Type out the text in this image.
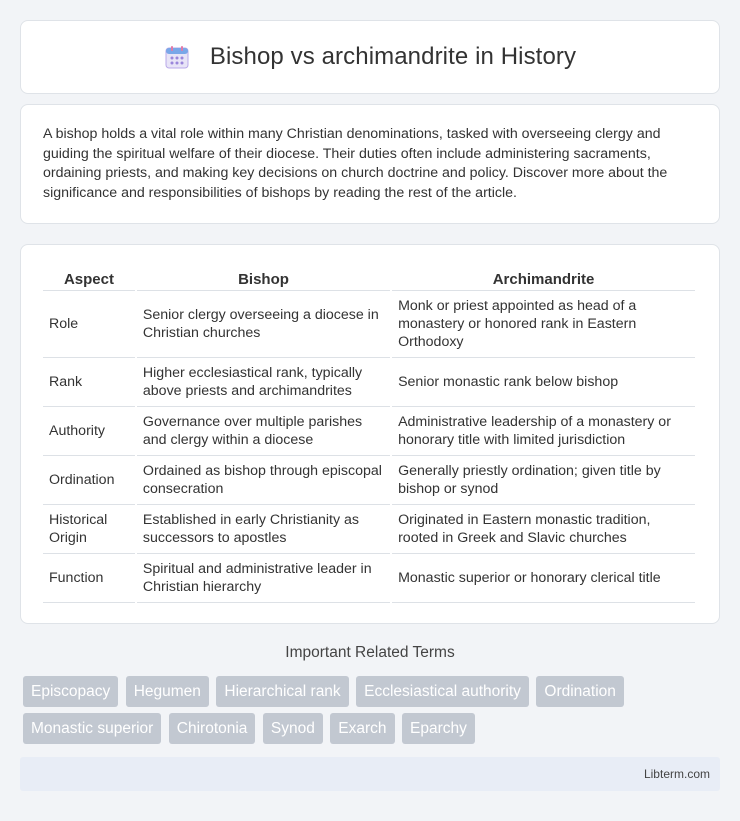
Bishop vs archimandrite in History

A bishop holds a vital role within many Christian denominations, tasked with overseeing clergy and guiding the spiritual welfare of their diocese. Their duties often include administering sacraments, ordaining priests, and making key decisions on church doctrine and policy. Discover more about the significance and responsibilities of bishops by reading the rest of the article.

Aspect	Bishop	Archimandrite
Role	Senior clergy overseeing a diocese in Christian churches	Monk or priest appointed as head of a monastery or honored rank in Eastern Orthodoxy
Rank	Higher ecclesiastical rank, typically above priests and archimandrites	Senior monastic rank below bishop
Authority	Governance over multiple parishes and clergy within a diocese	Administrative leadership of a monastery or honorary title with limited jurisdiction
Ordination	Ordained as bishop through episcopal consecration	Generally priestly ordination; given title by bishop or synod
Historical Origin	Established in early Christianity as successors to apostles	Originated in Eastern monastic tradition, rooted in Greek and Slavic churches
Function	Spiritual and administrative leader in Christian hierarchy	Monastic superior or honorary clerical title
Important Related Terms
Episcopacy Hegumen Hierarchical rank Ecclesiastical authority Ordination Monastic superior Chirotonia Synod Exarch Eparchy
Libterm.com
